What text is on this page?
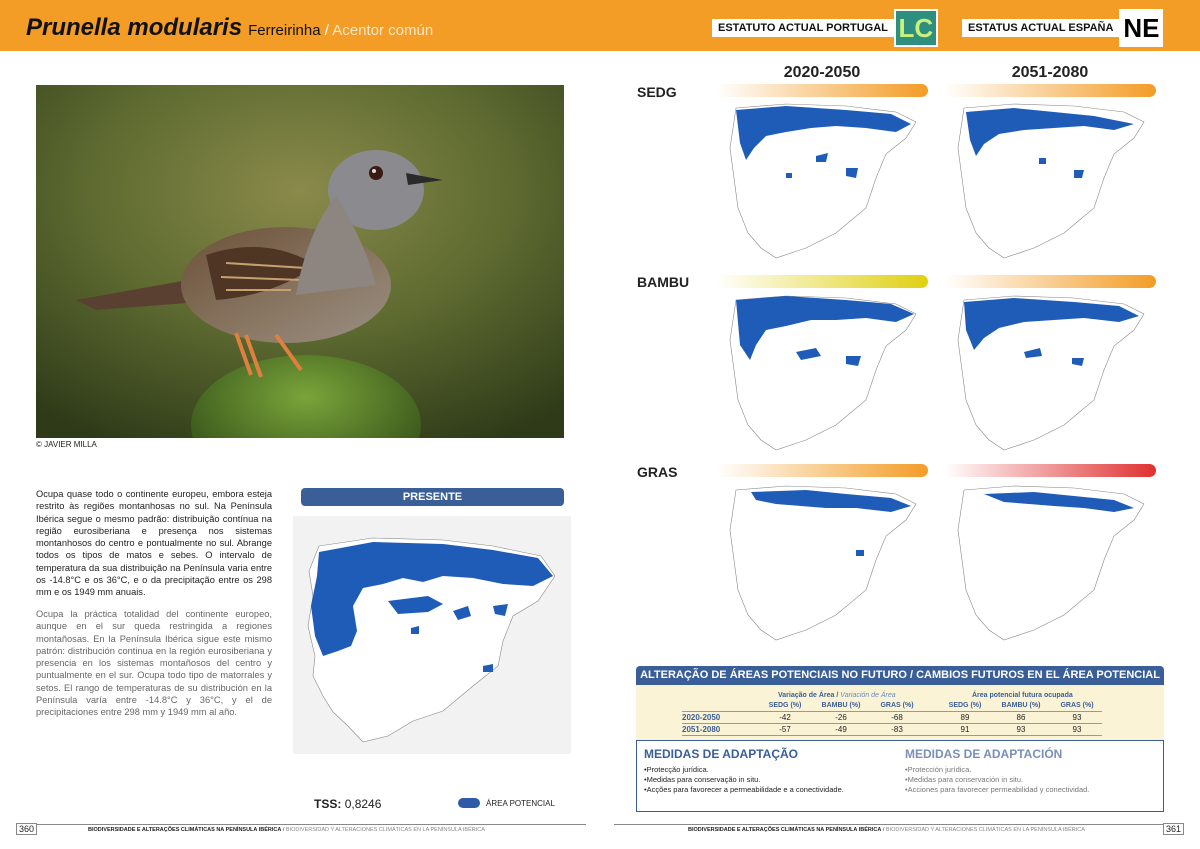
Prunella modularis Ferreirinha / Acentor común	ESTATUTO ACTUAL PORTUGAL LC	ESTATUS ACTUAL ESPAÑA NE
© JAVIER MILLA

Ocupa quase todo o continente europeu, embora esteja restrito às regiões montanhosas no sul. Na Península Ibérica segue o mesmo padrão: distribuição contínua na região eurosiberiana e presença nos sistemas montanhosos do centro e pontualmente no sul. Abrange todos os tipos de matos e sebes. O intervalo de temperatura da sua distribuição na Península varia entre os -14.8°C e os 36°C, e o da precipitação entre os 298 mm e os 1949 mm anuais.

Ocupa la práctica totalidad del continente europeo, aunque en el sur queda restringida a regiones montañosas. En la Península Ibérica sigue este mismo patrón: distribución continua en la región eurosiberiana y presencia en los sistemas montañosos del centro y puntualmente en el sur. Ocupa todo tipo de matorrales y setos. El rango de temperaturas de su distribución en la Península varía entre -14.8°C y 36°C, y el de precipitaciones entre 298 mm y 1949 mm al año.

PRESENTE
TSS: 0,8246	ÁREA POTENCIAL
2020-2050	2051-2080
SEDG
BAMBU
GRAS
ALTERAÇÃO DE ÁREAS POTENCIAIS NO FUTURO / CAMBIOS FUTUROS EN EL ÁREA POTENCIAL
Variação de Área / Variación de Área	Área potencial futura ocupada
SEDG (%)	BAMBU (%)	GRAS (%)	SEDG (%)	BAMBU (%)	GRAS (%)
2020-2050	-42	-26	-68	89	86	93
2051-2080	-57	-49	-83	91	93	93
MEDIDAS DE ADAPTAÇÃO

•Protecção jurídica.

•Medidas para conservação in situ.

•Acções para favorecer a permeabilidade e a conectividade.

MEDIDAS DE ADAPTACIÓN

•Protección jurídica.

•Medidas para conservación in situ.

•Acciones para favorecer permeabilidad y conectividad.

360	361
BIODIVERSIDADE E ALTERAÇÕES CLIMÁTICAS NA PENÍNSULA IBÉRICA / BIODIVERSIDAD Y ALTERACIONES CLIMÁTICAS EN LA PENÍNSULA IBÉRICA	BIODIVERSIDADE E ALTERAÇÕES CLIMÁTICAS NA PENÍNSULA IBÉRICA / BIODIVERSIDAD Y ALTERACIONES CLIMÁTICAS EN LA PENÍNSULA IBÉRICA
